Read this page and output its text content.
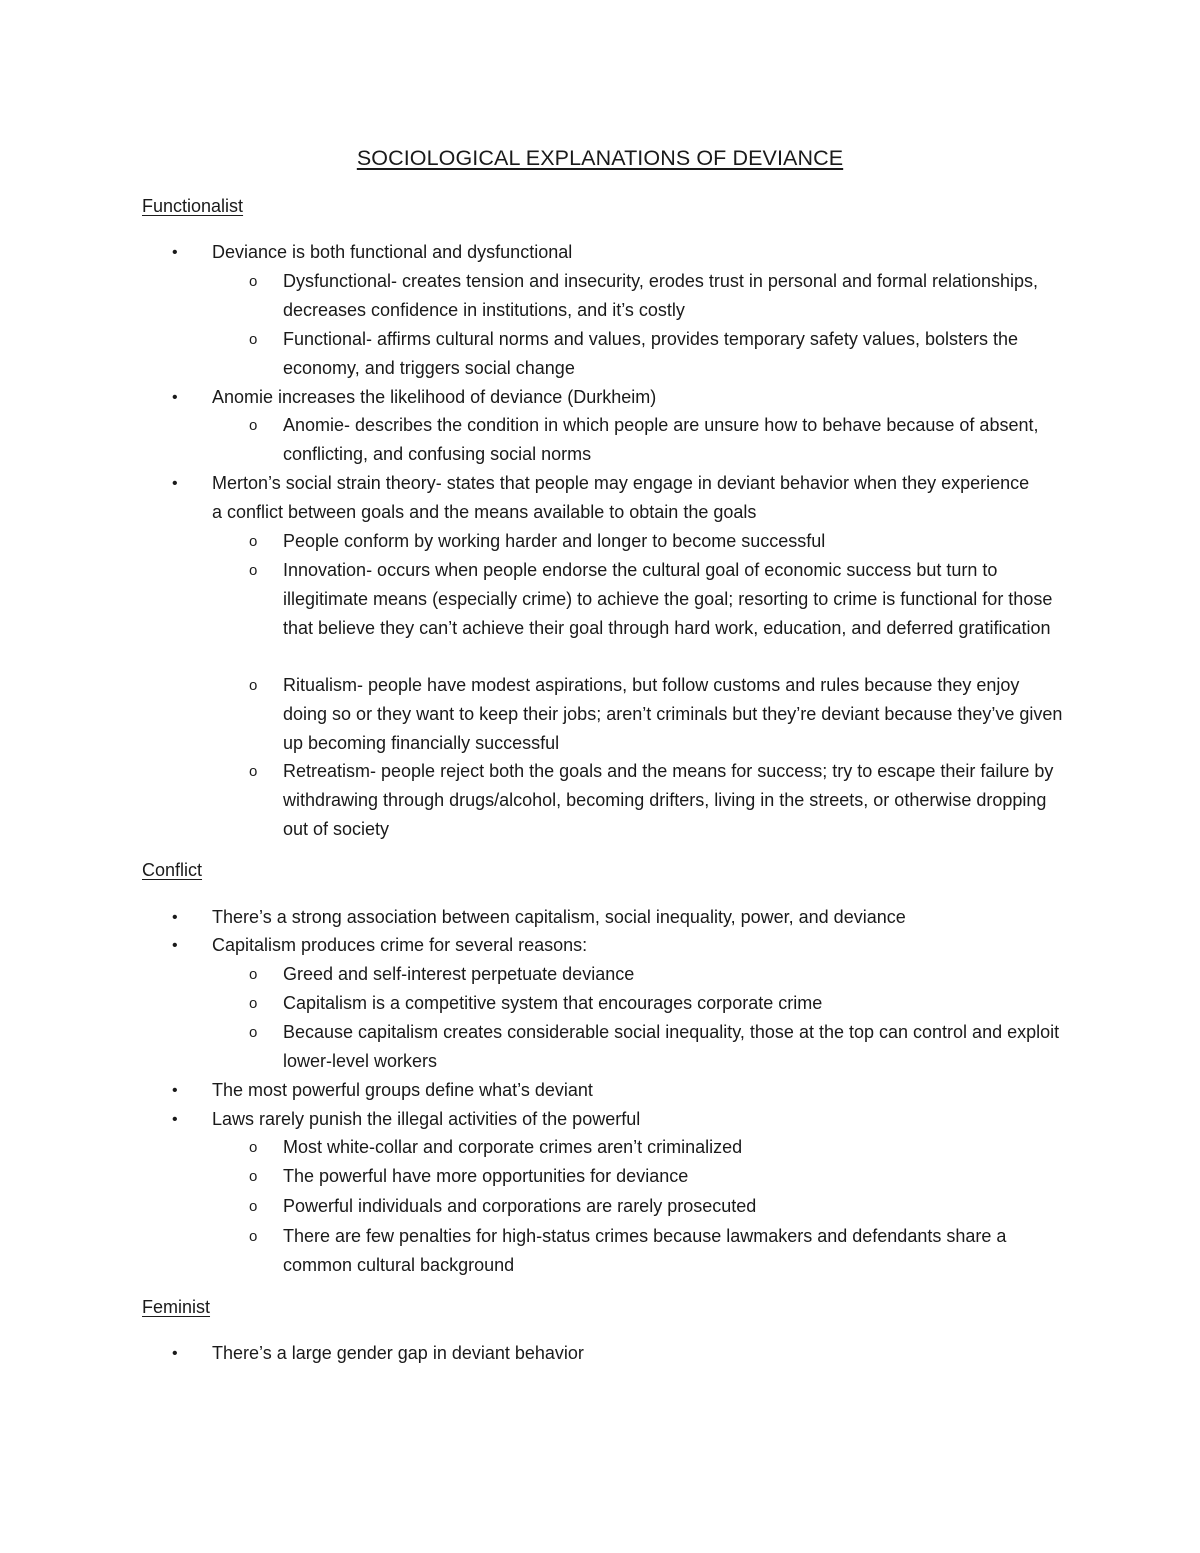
SOCIOLOGICAL EXPLANATIONS OF DEVIANCE
Functionalist
• Deviance is both functional and dysfunctional
o Dysfunctional- creates tension and insecurity, erodes trust in personal and formal relationships, decreases confidence in institutions, and it’s costly
o Functional- affirms cultural norms and values, provides temporary safety values, bolsters the economy, and triggers social change
• Anomie increases the likelihood of deviance (Durkheim)
o Anomie- describes the condition in which people are unsure how to behave because of absent, conflicting, and confusing social norms
• Merton’s social strain theory- states that people may engage in deviant behavior when they experience a conflict between goals and the means available to obtain the goals
o People conform by working harder and longer to become successful
o Innovation- occurs when people endorse the cultural goal of economic success but turn to illegitimate means (especially crime) to achieve the goal; resorting to crime is functional for those that believe they can’t achieve their goal through hard work, education, and deferred gratification
o Ritualism- people have modest aspirations, but follow customs and rules because they enjoy doing so or they want to keep their jobs; aren’t criminals but they’re deviant because they’ve given up becoming financially successful
o Retreatism- people reject both the goals and the means for success; try to escape their failure by withdrawing through drugs/alcohol, becoming drifters, living in the streets, or otherwise dropping out of society
Conflict
• There’s a strong association between capitalism, social inequality, power, and deviance
• Capitalism produces crime for several reasons:
o Greed and self-interest perpetuate deviance
o Capitalism is a competitive system that encourages corporate crime
o Because capitalism creates considerable social inequality, those at the top can control and exploit lower-level workers
• The most powerful groups define what’s deviant
• Laws rarely punish the illegal activities of the powerful
o Most white-collar and corporate crimes aren’t criminalized
o The powerful have more opportunities for deviance
o Powerful individuals and corporations are rarely prosecuted
o There are few penalties for high-status crimes because lawmakers and defendants share a common cultural background
Feminist
• There’s a large gender gap in deviant behavior
